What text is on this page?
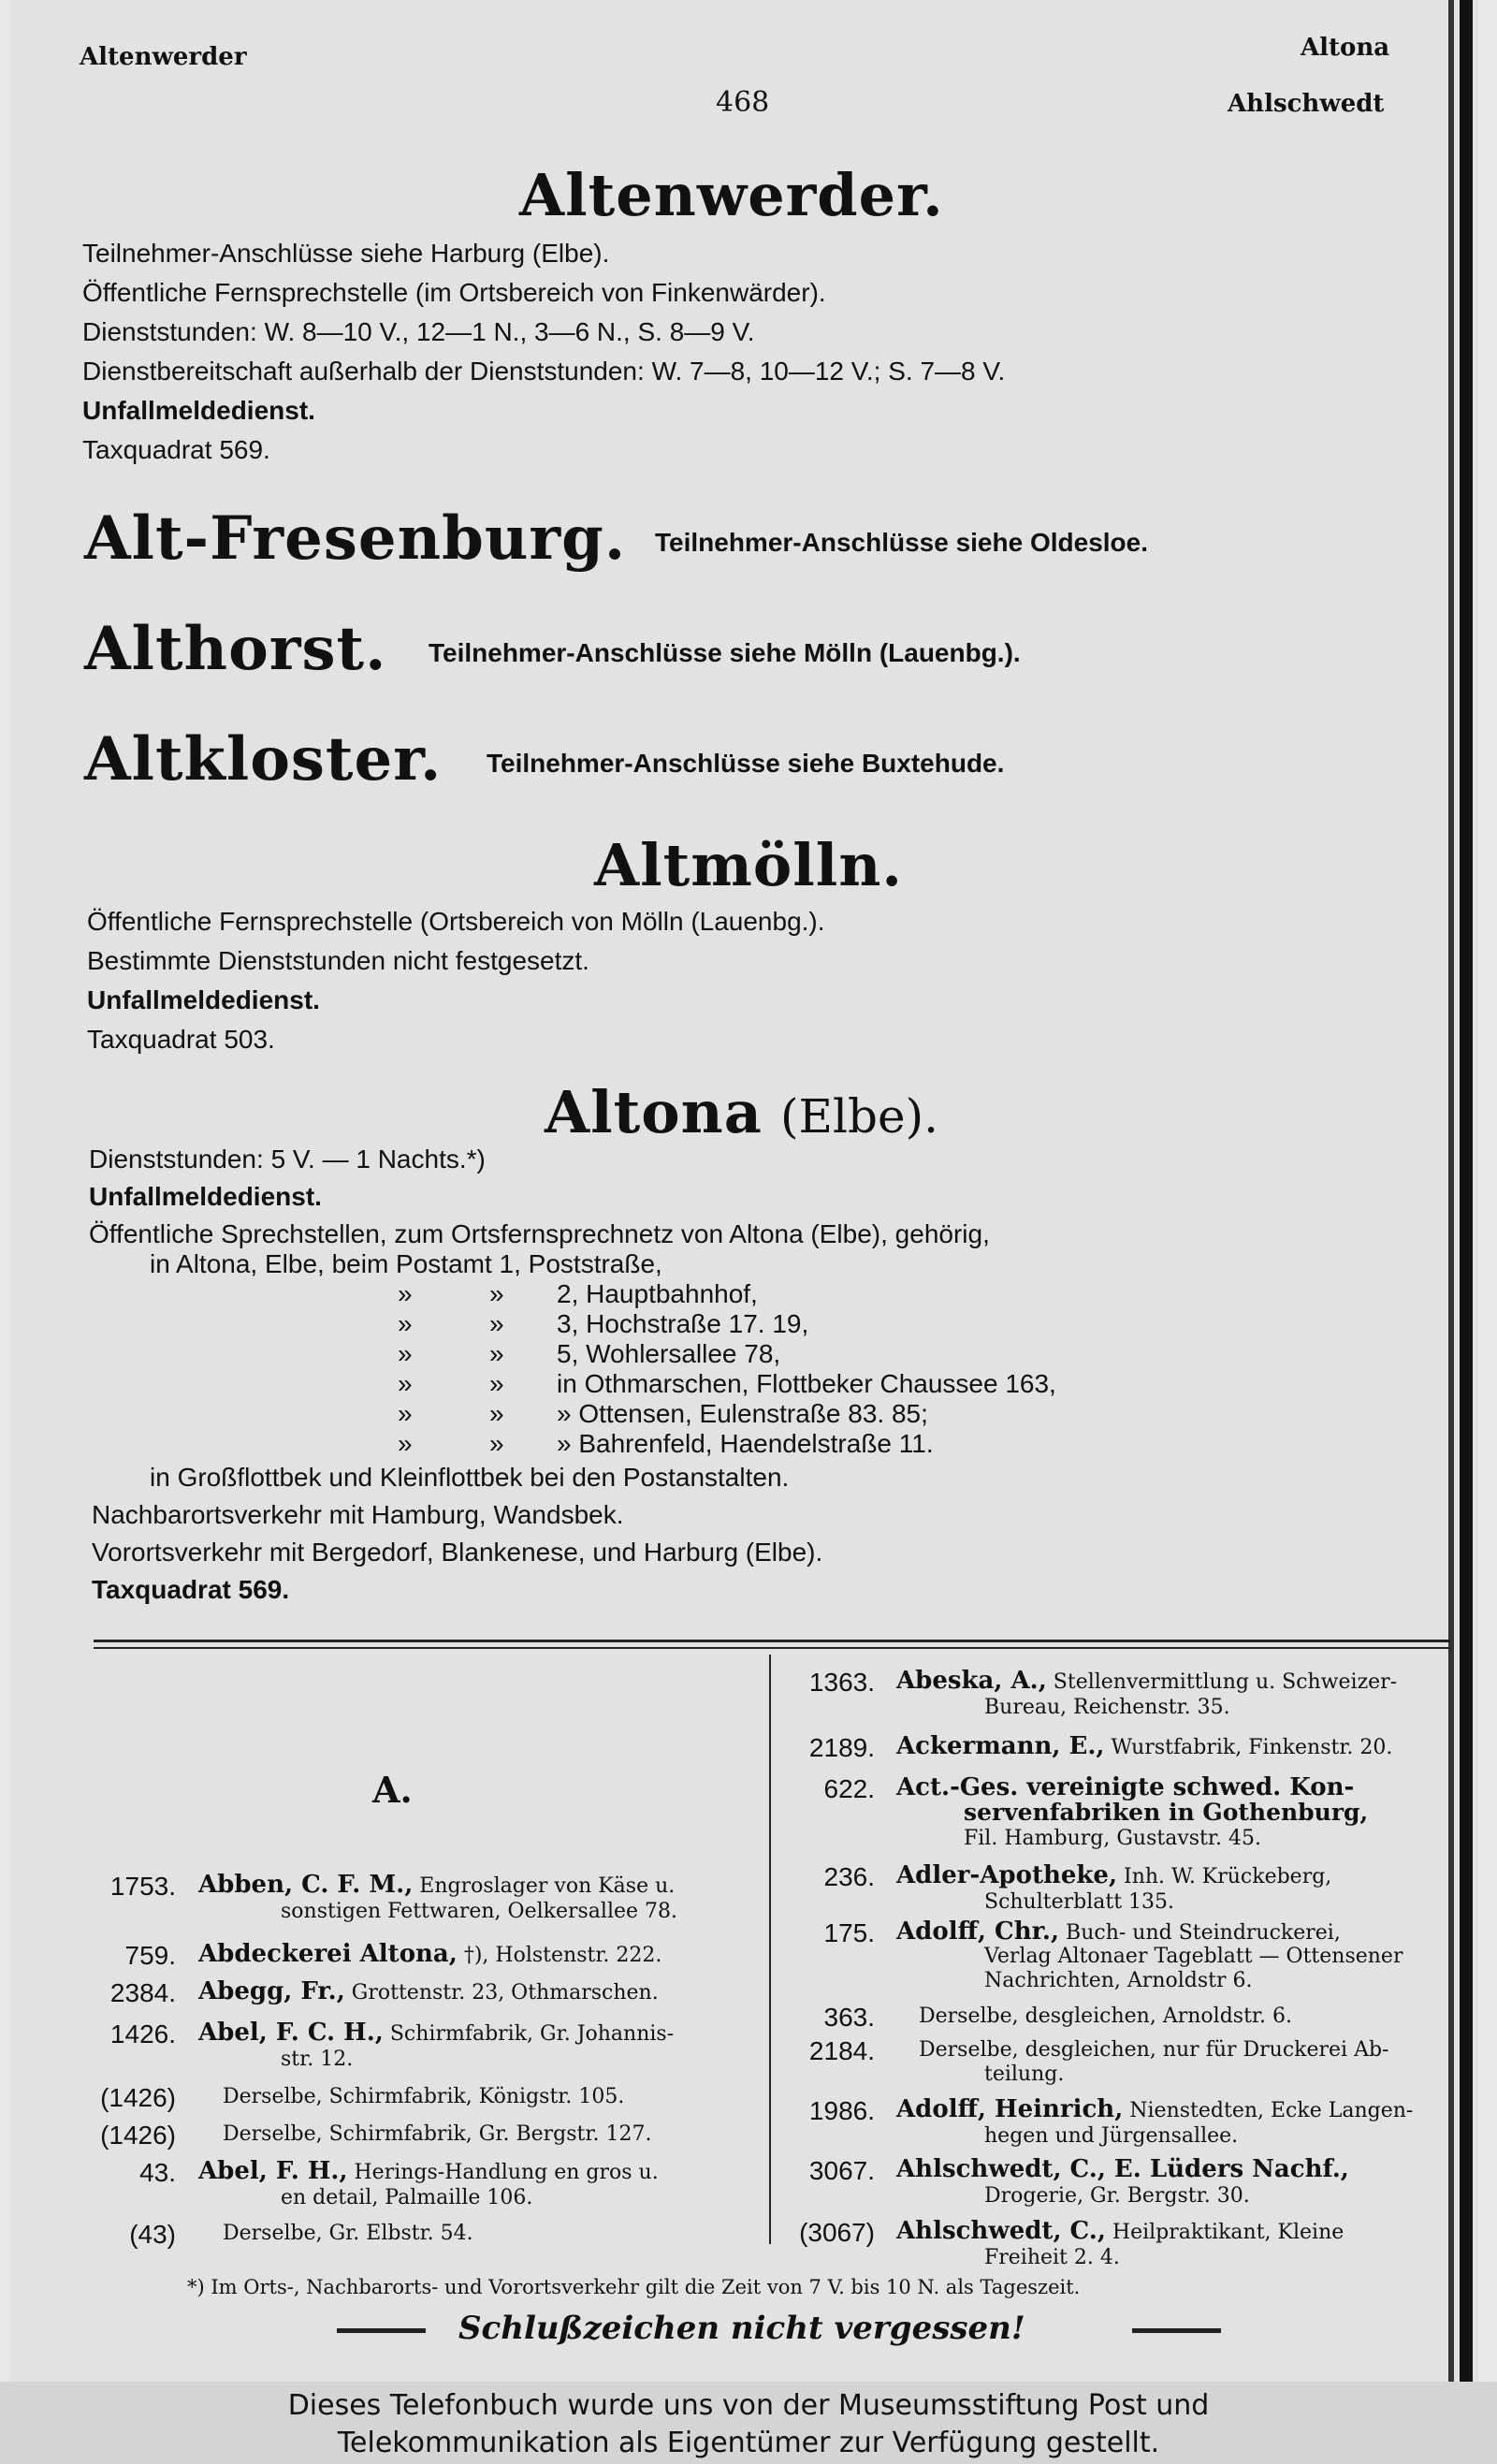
Altenwerder
468
Altona
Ahlschwedt
Altenwerder.
Teilnehmer-Anschlüsse siehe Harburg (Elbe).
Öffentliche Fernsprechstelle (im Ortsbereich von Finkenwärder).
Dienststunden: W. 8—10 V., 12—1 N., 3—6 N., S. 8—9 V.
Dienstbereitschaft außerhalb der Dienststunden: W. 7—8, 10—12 V.; S. 7—8 V.
Unfallmeldedienst.
Taxquadrat 569.
Alt-Fresenburg. Teilnehmer-Anschlüsse siehe Oldesloe.
Althorst. Teilnehmer-Anschlüsse siehe Mölln (Lauenbg.).
Altkloster. Teilnehmer-Anschlüsse siehe Buxtehude.
Altmölln.
Öffentliche Fernsprechstelle (Ortsbereich von Mölln (Lauenbg.).
Bestimmte Dienststunden nicht festgesetzt.
Unfallmeldedienst.
Taxquadrat 503.
Altona (Elbe).
Dienststunden: 5 V. — 1 Nachts.*)
Unfallmeldedienst.
Öffentliche Sprechstellen, zum Ortsfernsprechnetz von Altona (Elbe), gehörig,
in Altona, Elbe, beim Postamt 1, Poststraße,
»	» 2, Hauptbahnhof,
»	» 3, Hochstraße 17. 19,
»	» 5, Wohlersallee 78,
»	» in Othmarschen, Flottbeker Chaussee 163,
»	» » Ottensen, Eulenstraße 83. 85;
»	» » Bahrenfeld, Haendelstraße 11.
in Großflottbek und Kleinflottbek bei den Postanstalten.
Nachbarortsverkehr mit Hamburg, Wandsbek.
Vorortsverkehr mit Bergedorf, Blankenese, und Harburg (Elbe).
Taxquadrat 569.
A.
1753. Abben, C. F. M., Engroslager von Käse u.
sonstigen Fettwaren, Oelkersallee 78.
759. Abdeckerei Altona, †), Holstenstr. 222.
2384. Abegg, Fr., Grottenstr. 23, Othmarschen.
1426. Abel, F. C. H., Schirmfabrik, Gr. Johannis-
str. 12.
(1426) Derselbe, Schirmfabrik, Königstr. 105.
(1426) Derselbe, Schirmfabrik, Gr. Bergstr. 127.
43. Abel, F. H., Herings-Handlung en gros u.
en detail, Palmaille 106.
(43) Derselbe, Gr. Elbstr. 54.
1363. Abeska, A., Stellenvermittlung u. Schweizer-
Bureau, Reichenstr. 35.
2189. Ackermann, E., Wurstfabrik, Finkenstr. 20.
622. Act.-Ges. vereinigte schwed. Kon-
servenfabriken in Gothenburg,
Fil. Hamburg, Gustavstr. 45.
236. Adler-Apotheke, Inh. W. Krückeberg,
Schulterblatt 135.
175. Adolff, Chr., Buch- und Steindruckerei,
Verlag Altonaer Tageblatt — Ottensener
Nachrichten, Arnoldstr 6.
363. Derselbe, desgleichen, Arnoldstr. 6.
2184. Derselbe, desgleichen, nur für Druckerei Ab-
teilung.
1986. Adolff, Heinrich, Nienstedten, Ecke Langen-
hegen und Jürgensallee.
3067. Ahlschwedt, C., E. Lüders Nachf.,
Drogerie, Gr. Bergstr. 30.
(3067) Ahlschwedt, C., Heilpraktikant, Kleine
Freiheit 2. 4.
*) Im Orts-, Nachbarorts- und Vorortsverkehr gilt die Zeit von 7 V. bis 10 N. als Tageszeit.
Schlußzeichen nicht vergessen!
Dieses Telefonbuch wurde uns von der Museumsstiftung Post und
Telekommunikation als Eigentümer zur Verfügung gestellt.
